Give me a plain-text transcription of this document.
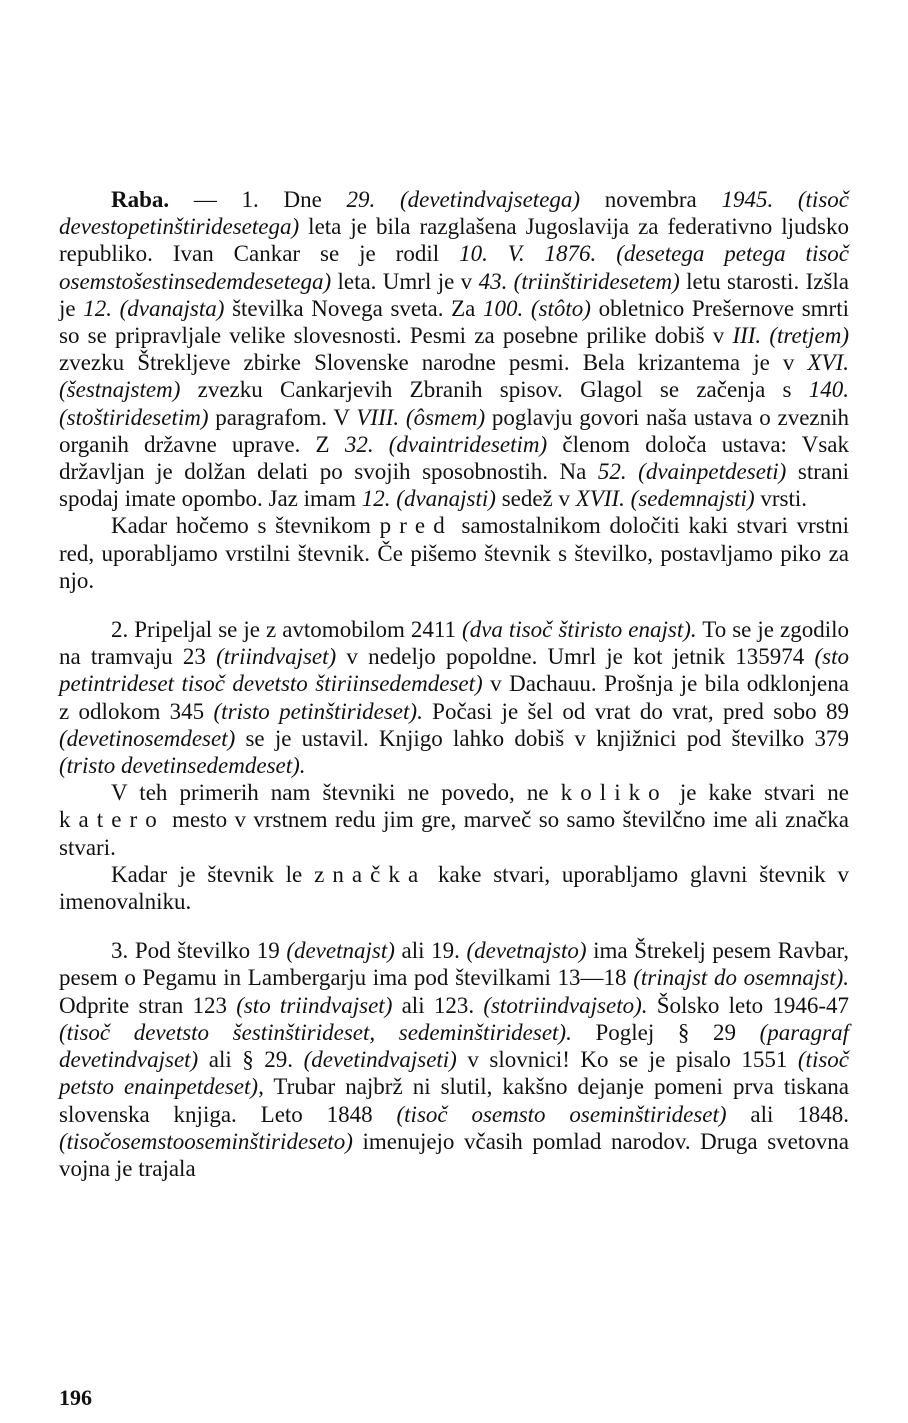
Raba. — 1. Dne 29. (devetindvajsetega) novembra 1945. (tisoč devestopetinštiridesetega) leta je bila razglašena Jugoslavija za federativno ljudsko republiko. Ivan Cankar se je rodil 10. V. 1876. (desetega petega tisoč osemstošestinsedemdesetega) leta. Umrl je v 43. (triinštiridesetem) letu starosti. Izšla je 12. (dvanajsta) številka Novega sveta. Za 100. (stôto) obletnico Prešernove smrti so se pripravljale velike slovesnosti. Pesmi za posebne prilike dobiš v III. (tretjem) zvezku Štrekljeve zbirke Slovenske narodne pesmi. Bela krizantema je v XVI. (šestnajstem) zvezku Cankarjevih Zbranih spisov. Glagol se začenja s 140. (stoštiridesetim) paragrafom. V VIII. (ôsmem) poglavju govori naša ustava o zveznih organih državne uprave. Z 32. (dvaintridesetim) členom določa ustava: Vsak državljan je dolžan delati po svojih sposobnostih. Na 52. (dvainpetdeseti) strani spodaj imate opombo. Jaz imam 12. (dvanajsti) sedež v XVII. (sedemnajsti) vrsti.

Kadar hočemo s števnikom pred samostalnikom določiti kaki stvari vrstni red, uporabljamo vrstilni števnik. Če pišemo števnik s številko, postavljamo piko za njo.

2. Pripeljal se je z avtomobilom 2411 (dva tisoč štiristo enajst). To se je zgodilo na tramvaju 23 (triindvajset) v nedeljo popoldne. Umrl je kot jetnik 135974 (sto petintrideset tisoč devetsto štiriinsedemdeset) v Dachauu. Prošnja je bila odklonjena z odlokom 345 (tristo petinštirideset). Počasi je šel od vrat do vrat, pred sobo 89 (devetinosemdeset) se je ustavil. Knjigo lahko dobiš v knjižnici pod številko 379 (tristo devetinsedemdeset).

V teh primerih nam števniki ne povedo, ne koliko je kake stvari ne katero mesto v vrstnem redu jim gre, marveč so samo številčno ime ali značka stvari.

Kadar je števnik le značka kake stvari, uporabljamo glavni števnik v imenovalniku.

3. Pod številko 19 (devetnajst) ali 19. (devetnajsto) ima Štrekelj pesem Ravbar, pesem o Pegamu in Lambergarju ima pod številkami 13—18 (trinajst do osemnajst). Odprite stran 123 (sto triindvajset) ali 123. (stotriindvajseto). Šolsko leto 1946-47 (tisoč devetsto šestinštirideset, sedeminštirideset). Poglej § 29 (paragraf devetindvajset) ali § 29. (devetindvajseti) v slovnici! Ko se je pisalo 1551 (tisoč petsto enainpetdeset), Trubar najbrž ni slutil, kakšno dejanje pomeni prva tiskana slovenska knjiga. Leto 1848 (tisoč osemsto oseminštirideset) ali 1848. (tisočosemstooseminštirideseto) imenujejo včasih pomlad narodov. Druga svetovna vojna je trajala

196
